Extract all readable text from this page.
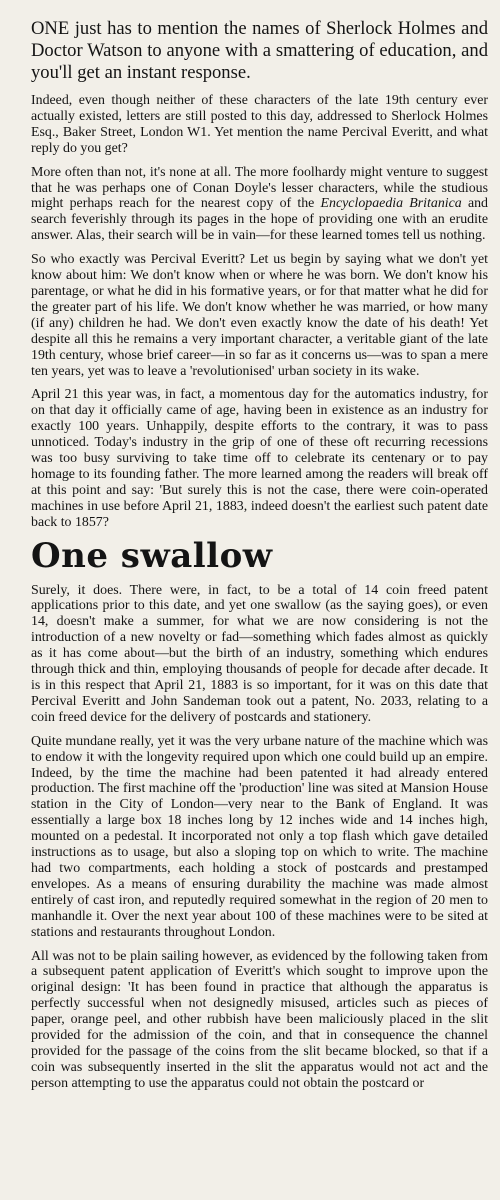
ONE just has to mention the names of Sherlock Holmes and Doctor Watson to anyone with a smattering of education, and you'll get an instant response.

Indeed, even though neither of these characters of the late 19th century ever actually existed, letters are still posted to this day, addressed to Sherlock Holmes Esq., Baker Street, London W1. Yet mention the name Percival Everitt, and what reply do you get?

More often than not, it's none at all. The more foolhardy might venture to suggest that he was perhaps one of Conan Doyle's lesser characters, while the studious might perhaps reach for the nearest copy of the Encyclopaedia Britanica and search feverishly through its pages in the hope of providing one with an erudite answer. Alas, their search will be in vain—for these learned tomes tell us nothing.

So who exactly was Percival Everitt? Let us begin by saying what we don't yet know about him: We don't know when or where he was born. We don't know his parentage, or what he did in his formative years, or for that matter what he did for the greater part of his life. We don't know whether he was married, or how many (if any) children he had. We don't even exactly know the date of his death! Yet despite all this he remains a very important character, a veritable giant of the late 19th century, whose brief career—in so far as it concerns us—was to span a mere ten years, yet was to leave a 'revolutionised' urban society in its wake.

April 21 this year was, in fact, a momentous day for the automatics industry, for on that day it officially came of age, having been in existence as an industry for exactly 100 years. Unhappily, despite efforts to the contrary, it was to pass unnoticed. Today's industry in the grip of one of these oft recurring recessions was too busy surviving to take time off to celebrate its centenary or to pay homage to its founding father. The more learned among the readers will break off at this point and say: 'But surely this is not the case, there were coin-operated machines in use before April 21, 1883, indeed doesn't the earliest such patent date back to 1857?

One swallow

Surely, it does. There were, in fact, to be a total of 14 coin freed patent applications prior to this date, and yet one swallow (as the saying goes), or even 14, doesn't make a summer, for what we are now considering is not the introduction of a new novelty or fad—something which fades almost as quickly as it has come about—but the birth of an industry, something which endures through thick and thin, employing thousands of people for decade after decade. It is in this respect that April 21, 1883 is so important, for it was on this date that Percival Everitt and John Sandeman took out a patent, No. 2033, relating to a coin freed device for the delivery of postcards and stationery.

Quite mundane really, yet it was the very urbane nature of the machine which was to endow it with the longevity required upon which one could build up an empire. Indeed, by the time the machine had been patented it had already entered production. The first machine off the 'production' line was sited at Mansion House station in the City of London—very near to the Bank of England. It was essentially a large box 18 inches long by 12 inches wide and 14 inches high, mounted on a pedestal. It incorporated not only a top flash which gave detailed instructions as to usage, but also a sloping top on which to write. The machine had two compartments, each holding a stock of postcards and prestamped envelopes. As a means of ensuring durability the machine was made almost entirely of cast iron, and reputedly required somewhat in the region of 20 men to manhandle it. Over the next year about 100 of these machines were to be sited at stations and restaurants throughout London.

All was not to be plain sailing however, as evidenced by the following taken from a subsequent patent application of Everitt's which sought to improve upon the original design: 'It has been found in practice that although the apparatus is perfectly successful when not designedly misused, articles such as pieces of paper, orange peel, and other rubbish have been maliciously placed in the slit provided for the admission of the coin, and that in consequence the channel provided for the passage of the coins from the slit became blocked, so that if a coin was subsequently inserted in the slit the apparatus would not act and the person attempting to use the apparatus could not obtain the postcard or
